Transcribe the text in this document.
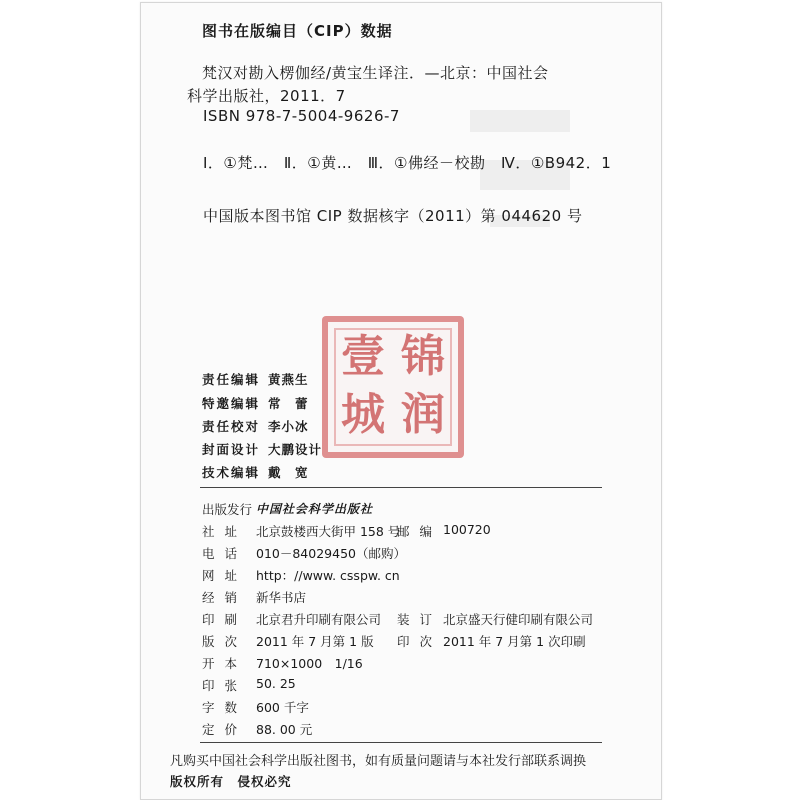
图书在版编目（CIP）数据
梵汉对勘入楞伽经/黄宝生译注．—北京：中国社会
科学出版社，2011．7
ISBN 978-7-5004-9626-7
Ⅰ．①梵…　Ⅱ．①黄…　Ⅲ．①佛经－校勘　Ⅳ．①B942．1
中国版本图书馆 CIP 数据核字（2011）第 044620 号
锦
润
壹
城
责任编辑 黄燕生
特邀编辑 常　蕾
责任校对 李小冰
封面设计 大鹏设计
技术编辑 戴　宽
出版发行 中国社会科学出版社
社址 北京鼓楼西大街甲 158 号
邮编 100720
电话 010－84029450（邮购）
网址 http：//www. csspw. cn
经销 新华书店
印刷 北京君升印刷有限公司 装订 北京盛天行健印刷有限公司
版次 2011 年 7 月第 1 版 印次 2011 年 7 月第 1 次印刷
开本 710×1000　1/16
印张 50. 25
字数 600 千字
定价 88. 00 元
凡购买中国社会科学出版社图书，如有质量问题请与本社发行部联系调换
版权所有　侵权必究
